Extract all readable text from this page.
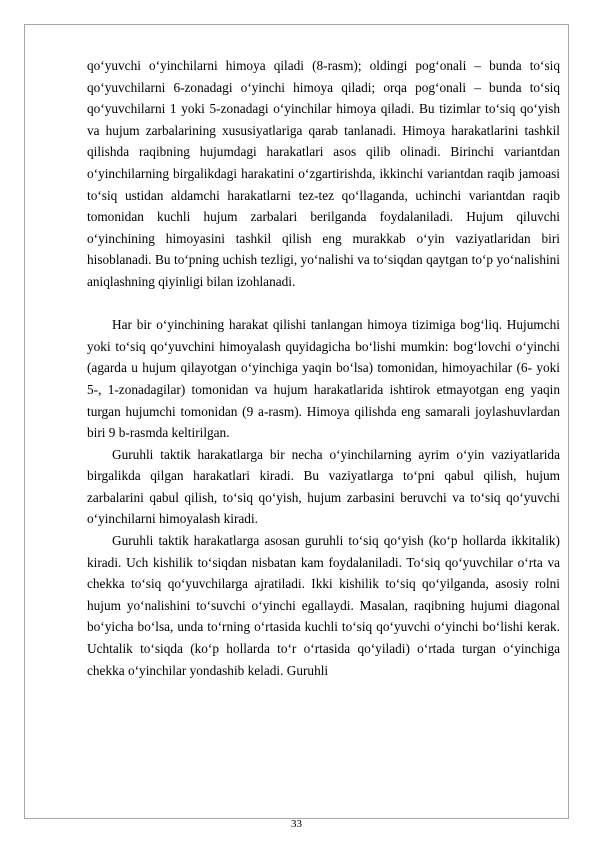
qo‘yuvchi o‘yinchilarni himoya qiladi (8-rasm); oldingi pog‘onali – bunda to‘siq qo‘yuvchilarni 6-zonadagi o‘yinchi himoya qiladi; orqa pog‘onali – bunda to‘siq qo‘yuvchilarni 1 yoki 5-zonadagi o‘yinchilar himoya qiladi. Bu tizimlar to‘siq qo‘yish va hujum zarbalarining xususiyatlariga qarab tanlanadi. Himoya harakatlarini tashkil qilishda raqibning hujumdagi harakatlari asos qilib olinadi. Birinchi variantdan o‘yinchilarning birgalikdagi harakatini o‘zgartirishda, ikkinchi variantdan raqib jamoasi to‘siq ustidan aldamchi harakatlarni tez-tez qo‘llaganda, uchinchi variantdan raqib tomonidan kuchli hujum zarbalari berilganda foydalaniladi. Hujum qiluvchi o‘yinchining himoyasini tashkil qilish eng murakkab o‘yin vaziyatlaridan biri hisoblanadi. Bu to‘pning uchish tezligi, yo‘nalishi va to‘siqdan qaytgan to‘p yo‘nalishini aniqlashning qiyinligi bilan izohlanadi.

Har bir o‘yinchining harakat qilishi tanlangan himoya tizimiga bog‘liq. Hujumchi yoki to‘siq qo‘yuvchini himoyalash quyidagicha bo‘lishi mumkin: bog‘lovchi o‘yinchi (agarda u hujum qilayotgan o‘yinchiga yaqin bo‘lsa) tomonidan, himoyachilar (6- yoki 5-, 1-zonadagilar) tomonidan va hujum harakatlarida ishtirok etmayotgan eng yaqin turgan hujumchi tomonidan (9 a-rasm). Himoya qilishda eng samarali joylashuvlardan biri 9 b-rasmda keltirilgan.

Guruhli taktik harakatlarga bir necha o‘yinchilarning ayrim o‘yin vaziyatlarida birgalikda qilgan harakatlari kiradi. Bu vaziyatlarga to‘pni qabul qilish, hujum zarbalarini qabul qilish, to‘siq qo‘yish, hujum zarbasini beruvchi va to‘siq qo‘yuvchi o‘yinchilarni himoyalash kiradi.

Guruhli taktik harakatlarga asosan guruhli to‘siq qo‘yish (ko‘p hollarda ikkitalik) kiradi. Uch kishilik to‘siqdan nisbatan kam foydalaniladi. To‘siq qo‘yuvchilar o‘rta va chekka to‘siq qo‘yuvchilarga ajratiladi. Ikki kishilik to‘siq qo‘yilganda, asosiy rolni hujum yo‘nalishini to‘suvchi o‘yinchi egallaydi. Masalan, raqibning hujumi diagonal bo‘yicha bo‘lsa, unda to‘rning o‘rtasida kuchli to‘siq qo‘yuvchi o‘yinchi bo‘lishi kerak. Uchtalik to‘siqda (ko‘p hollarda to‘r o‘rtasida qo‘yiladi) o‘rtada turgan o‘yinchiga chekka o‘yinchilar yondashib keladi. Guruhli

33
